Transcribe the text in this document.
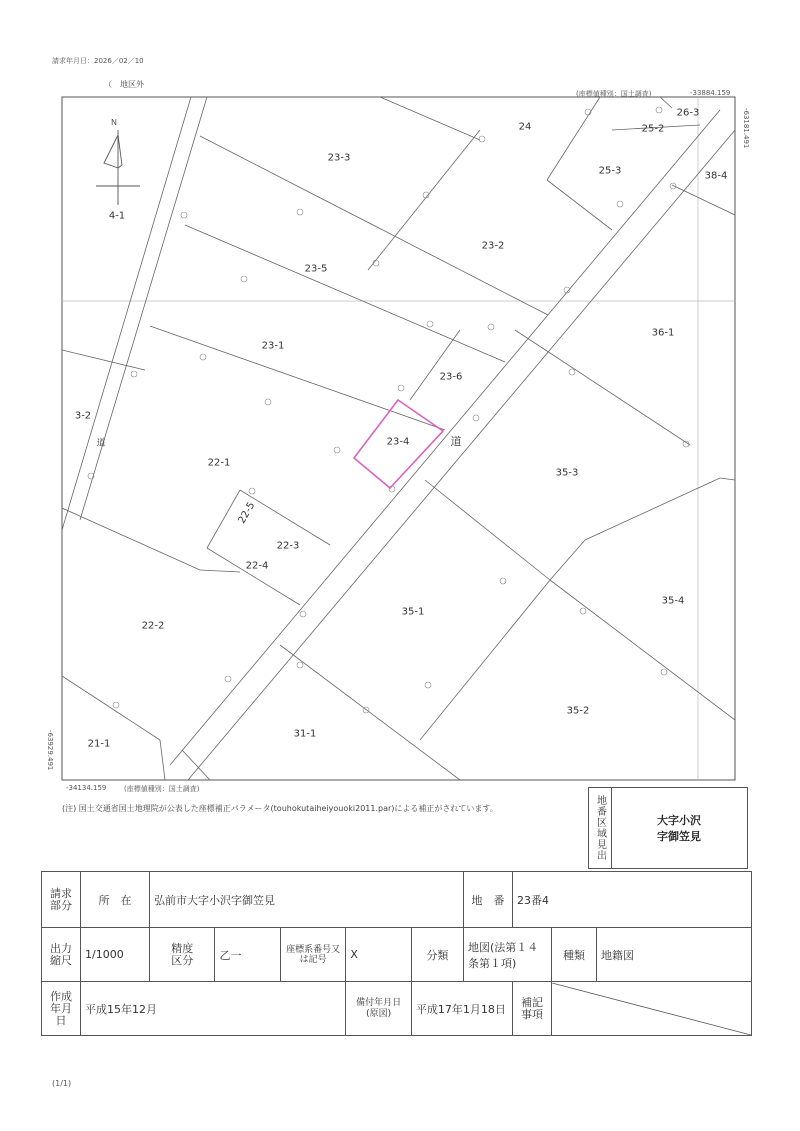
請求年月日：2026／02／10
（　地区外
(座標値種別：国土調査)	-33884.159
-63181.491
-63929.491
-34134.159	(座標値種別：国土調査)
4-1
23-3
24
26-3
25-2
25-3	38-4
23-2
23-5
36-1
23-1
23-6
3-2
23-4
22-1
35-3
22-5
22-3
22-4
35-1
35-4
22-2
35-2
31-1
21-1
道	道
N
(注) 国土交通省国土地理院が公表した座標補正パラメータ(touhokutaiheiyouoki2011.par)による補正がされています。	地番区域見出	大字小沢
字御笠見
請求部分	所　在	弘前市大字小沢字御笠見					地　番	23番4		
出力縮尺	1/1000	精度区分	乙一	座標系番号又は記号	X	分類	地図(法第１４条第１項)		種類	地籍図
作成年月日	平成15年12月				備付年月日(原図)	平成17年1月18日		補記事項	
(1/1)
